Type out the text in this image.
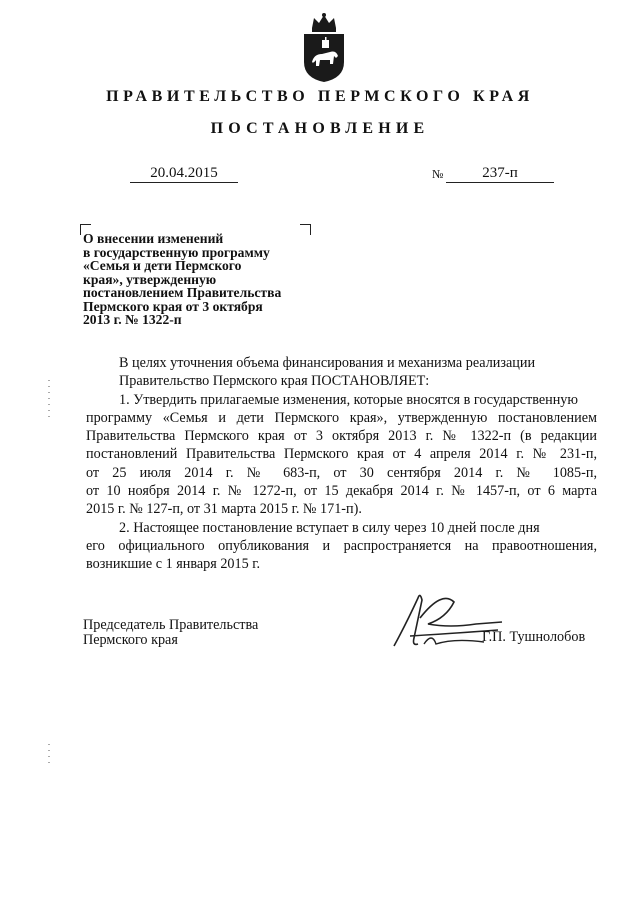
ПРАВИТЕЛЬСТВО ПЕРМСКОГО КРАЯ
ПОСТАНОВЛЕНИЕ
20.04.2015	№	237-п
О внесении изменений
в государственную программу
«Семья и дети Пермского
края», утвержденную
постановлением Правительства
Пермского края от 3 октября
2013 г. № 1322-п
В целях уточнения объема финансирования и механизма реализации
Правительство Пермского края ПОСТАНОВЛЯЕТ:
1. Утвердить прилагаемые изменения, которые вносятся в государственную
программу «Семья и дети Пермского края», утвержденную постановлением
Правительства Пермского края от 3 октября 2013 г. № 1322-п (в редакции
постановлений Правительства Пермского края от 4 апреля 2014 г. № 231-п,
от 25 июля 2014 г. № 683-п, от 30 сентября 2014 г. № 1085-п,
от 10 ноября 2014 г. № 1272-п, от 15 декабря 2014 г. № 1457-п, от 6 марта
2015 г. № 127-п, от 31 марта 2015 г. № 171-п).
2. Настоящее постановление вступает в силу через 10 дней после дня
его официального опубликования и распространяется на правоотношения,
возникшие с 1 января 2015 г.
Председатель Правительства
Пермского края	Г.П. Тушнолобов
